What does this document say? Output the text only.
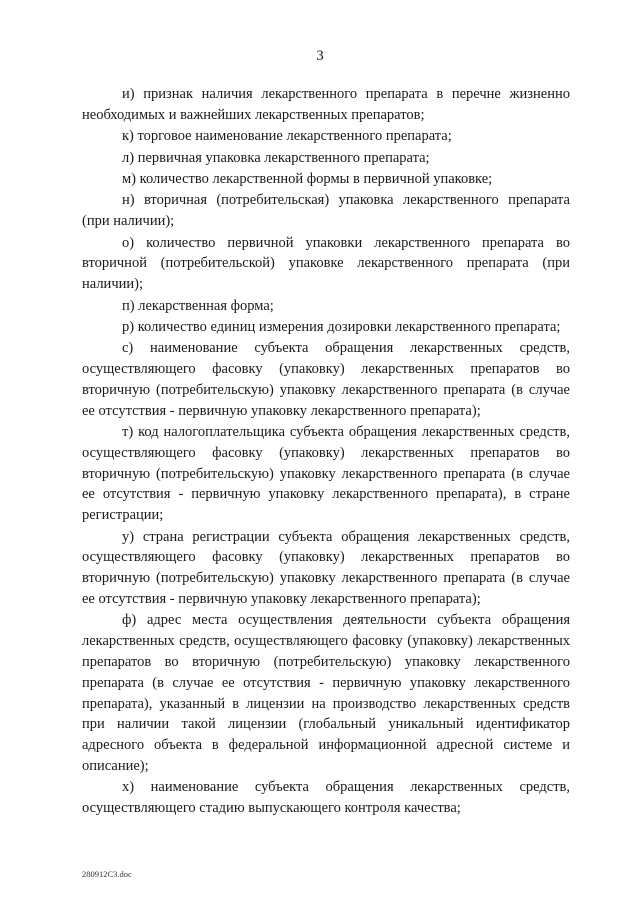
3

и) признак наличия лекарственного препарата в перечне жизненно необходимых и важнейших лекарственных препаратов;

к) торговое наименование лекарственного препарата;

л) первичная упаковка лекарственного препарата;

м) количество лекарственной формы в первичной упаковке;

н) вторичная (потребительская) упаковка лекарственного препарата (при наличии);

о) количество первичной упаковки лекарственного препарата во вторичной (потребительской) упаковке лекарственного препарата (при наличии);

п) лекарственная форма;

р) количество единиц измерения дозировки лекарственного препарата;

с) наименование субъекта обращения лекарственных средств, осуществляющего фасовку (упаковку) лекарственных препаратов во вторичную (потребительскую) упаковку лекарственного препарата (в случае ее отсутствия - первичную упаковку лекарственного препарата);

т) код налогоплательщика субъекта обращения лекарственных средств, осуществляющего фасовку (упаковку) лекарственных препаратов во вторичную (потребительскую) упаковку лекарственного препарата (в случае ее отсутствия - первичную упаковку лекарственного препарата), в стране регистрации;

у) страна регистрации субъекта обращения лекарственных средств, осуществляющего фасовку (упаковку) лекарственных препаратов во вторичную (потребительскую) упаковку лекарственного препарата (в случае ее отсутствия - первичную упаковку лекарственного препарата);

ф) адрес места осуществления деятельности субъекта обращения лекарственных средств, осуществляющего фасовку (упаковку) лекарственных препаратов во вторичную (потребительскую) упаковку лекарственного препарата (в случае ее отсутствия - первичную упаковку лекарственного препарата), указанный в лицензии на производство лекарственных средств при наличии такой лицензии (глобальный уникальный идентификатор адресного объекта в федеральной информационной адресной системе и описание);

х) наименование субъекта обращения лекарственных средств, осуществляющего стадию выпускающего контроля качества;

280912C3.doc
